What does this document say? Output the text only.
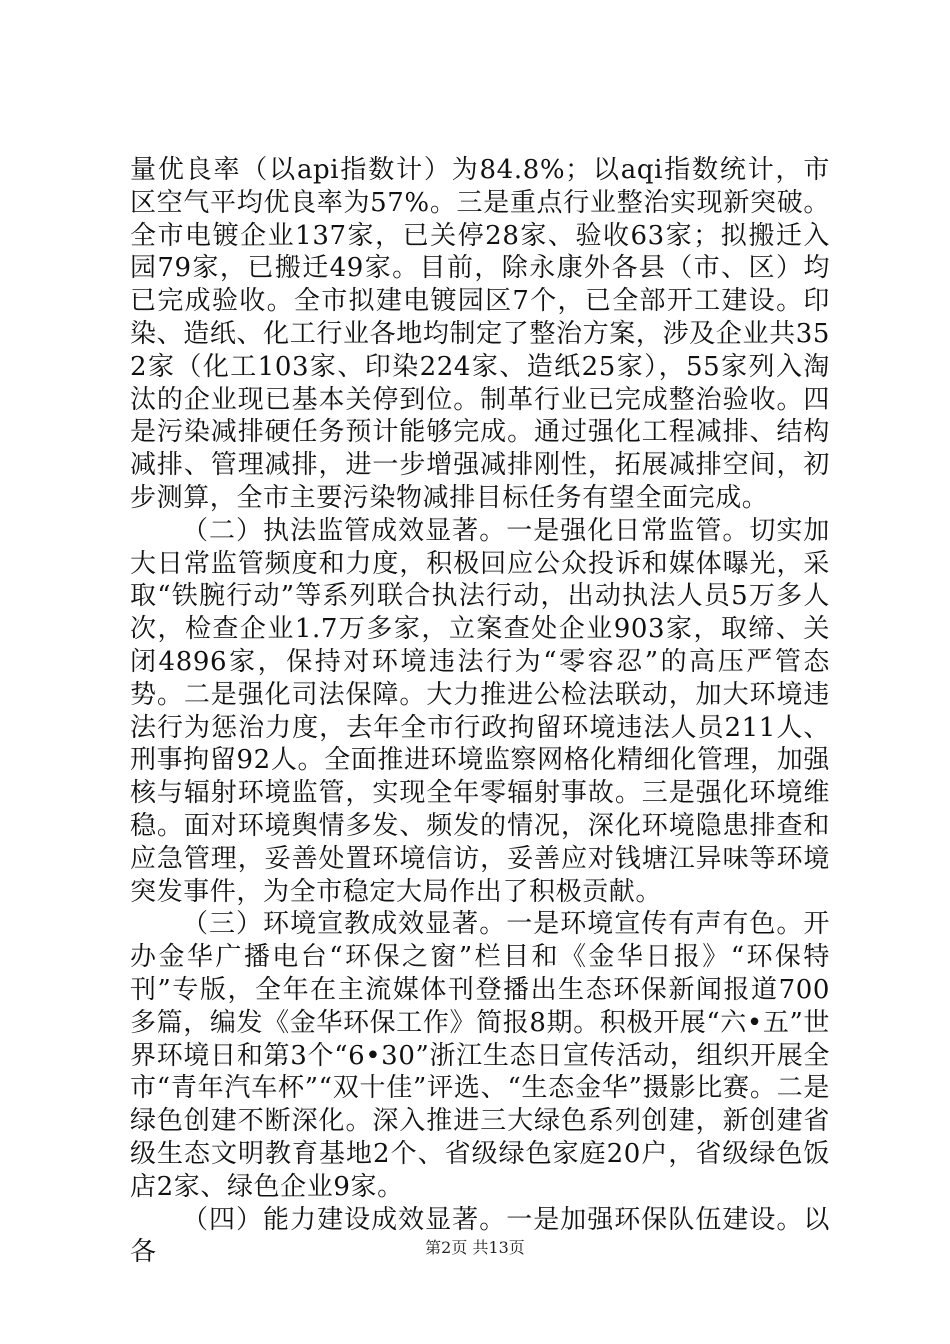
量优良率（以api指数计）为84.8%；以aqi指数统计，市区空气平均优良率为57%。三是重点行业整治实现新突破。全市电镀企业137家，已关停28家、验收63家；拟搬迁入园79家，已搬迁49家。目前，除永康外各县（市、区）均已完成验收。全市拟建电镀园区7个，已全部开工建设。印染、造纸、化工行业各地均制定了整治方案，涉及企业共352家（化工103家、印染224家、造纸25家），55家列入淘汰的企业现已基本关停到位。制革行业已完成整治验收。四是污染减排硬任务预计能够完成。通过强化工程减排、结构减排、管理减排，进一步增强减排刚性，拓展减排空间，初步测算，全市主要污染物减排目标任务有望全面完成。

（二）执法监管成效显著。一是强化日常监管。切实加大日常监管频度和力度，积极回应公众投诉和媒体曝光，采取“铁腕行动”等系列联合执法行动，出动执法人员5万多人次，检查企业1.7万多家，立案查处企业903家，取缔、关闭4896家，保持对环境违法行为“零容忍”的高压严管态势。二是强化司法保障。大力推进公检法联动，加大环境违法行为惩治力度，去年全市行政拘留环境违法人员211人、刑事拘留92人。全面推进环境监察网格化精细化管理，加强核与辐射环境监管，实现全年零辐射事故。三是强化环境维稳。面对环境舆情多发、频发的情况，深化环境隐患排查和应急管理，妥善处置环境信访，妥善应对钱塘江异味等环境突发事件，为全市稳定大局作出了积极贡献。

（三）环境宣教成效显著。一是环境宣传有声有色。开办金华广播电台“环保之窗”栏目和《金华日报》“环保特刊”专版，全年在主流媒体刊登播出生态环保新闻报道700多篇，编发《金华环保工作》简报8期。积极开展“六•五”世界环境日和第3个“6•30”浙江生态日宣传活动，组织开展全市“青年汽车杯”“双十佳”评选、“生态金华”摄影比赛。二是绿色创建不断深化。深入推进三大绿色系列创建，新创建省级生态文明教育基地2个、省级绿色家庭20户，省级绿色饭店2家、绿色企业9家。

（四）能力建设成效显著。一是加强环保队伍建设。以各	第2页 共13页
